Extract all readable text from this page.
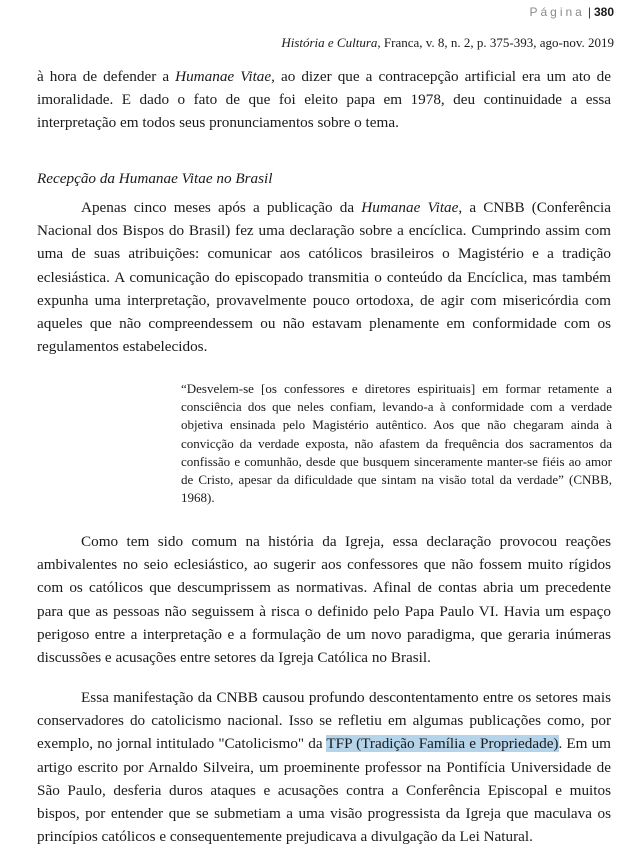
Página | 380
História e Cultura, Franca, v. 8, n. 2, p. 375-393, ago-nov. 2019

à hora de defender a Humanae Vitae, ao dizer que a contracepção artificial era um ato de imoralidade. E dado o fato de que foi eleito papa em 1978, deu continuidade a essa interpretação em todos seus pronunciamentos sobre o tema.

Recepção da Humanae Vitae no Brasil

Apenas cinco meses após a publicação da Humanae Vitae, a CNBB (Conferência Nacional dos Bispos do Brasil) fez uma declaração sobre a encíclica. Cumprindo assim com uma de suas atribuições: comunicar aos católicos brasileiros o Magistério e a tradição eclesiástica. A comunicação do episcopado transmitia o conteúdo da Encíclica, mas também expunha uma interpretação, provavelmente pouco ortodoxa, de agir com misericórdia com aqueles que não compreendessem ou não estavam plenamente em conformidade com os regulamentos estabelecidos.

“Desvelem-se [os confessores e diretores espirituais] em formar retamente a consciência dos que neles confiam, levando-a à conformidade com a verdade objetiva ensinada pelo Magistério autêntico. Aos que não chegaram ainda à convicção da verdade exposta, não afastem da frequência dos sacramentos da confissão e comunhão, desde que busquem sinceramente manter-se fiéis ao amor de Cristo, apesar da dificuldade que sintam na visão total da verdade” (CNBB, 1968).

Como tem sido comum na história da Igreja, essa declaração provocou reações ambivalentes no seio eclesiástico, ao sugerir aos confessores que não fossem muito rígidos com os católicos que descumprissem as normativas. Afinal de contas abria um precedente para que as pessoas não seguissem à risca o definido pelo Papa Paulo VI. Havia um espaço perigoso entre a interpretação e a formulação de um novo paradigma, que geraria inúmeras discussões e acusações entre setores da Igreja Católica no Brasil.

Essa manifestação da CNBB causou profundo descontentamento entre os setores mais conservadores do catolicismo nacional. Isso se refletiu em algumas publicações como, por exemplo, no jornal intitulado "Catolicismo" da TFP (Tradição Família e Propriedade). Em um artigo escrito por Arnaldo Silveira, um proeminente professor na Pontifícia Universidade de São Paulo, desferia duros ataques e acusações contra a Conferência Episcopal e muitos bispos, por entender que se submetiam a uma visão progressista da Igreja que maculava os princípios católicos e consequentemente prejudicava a divulgação da Lei Natural.
